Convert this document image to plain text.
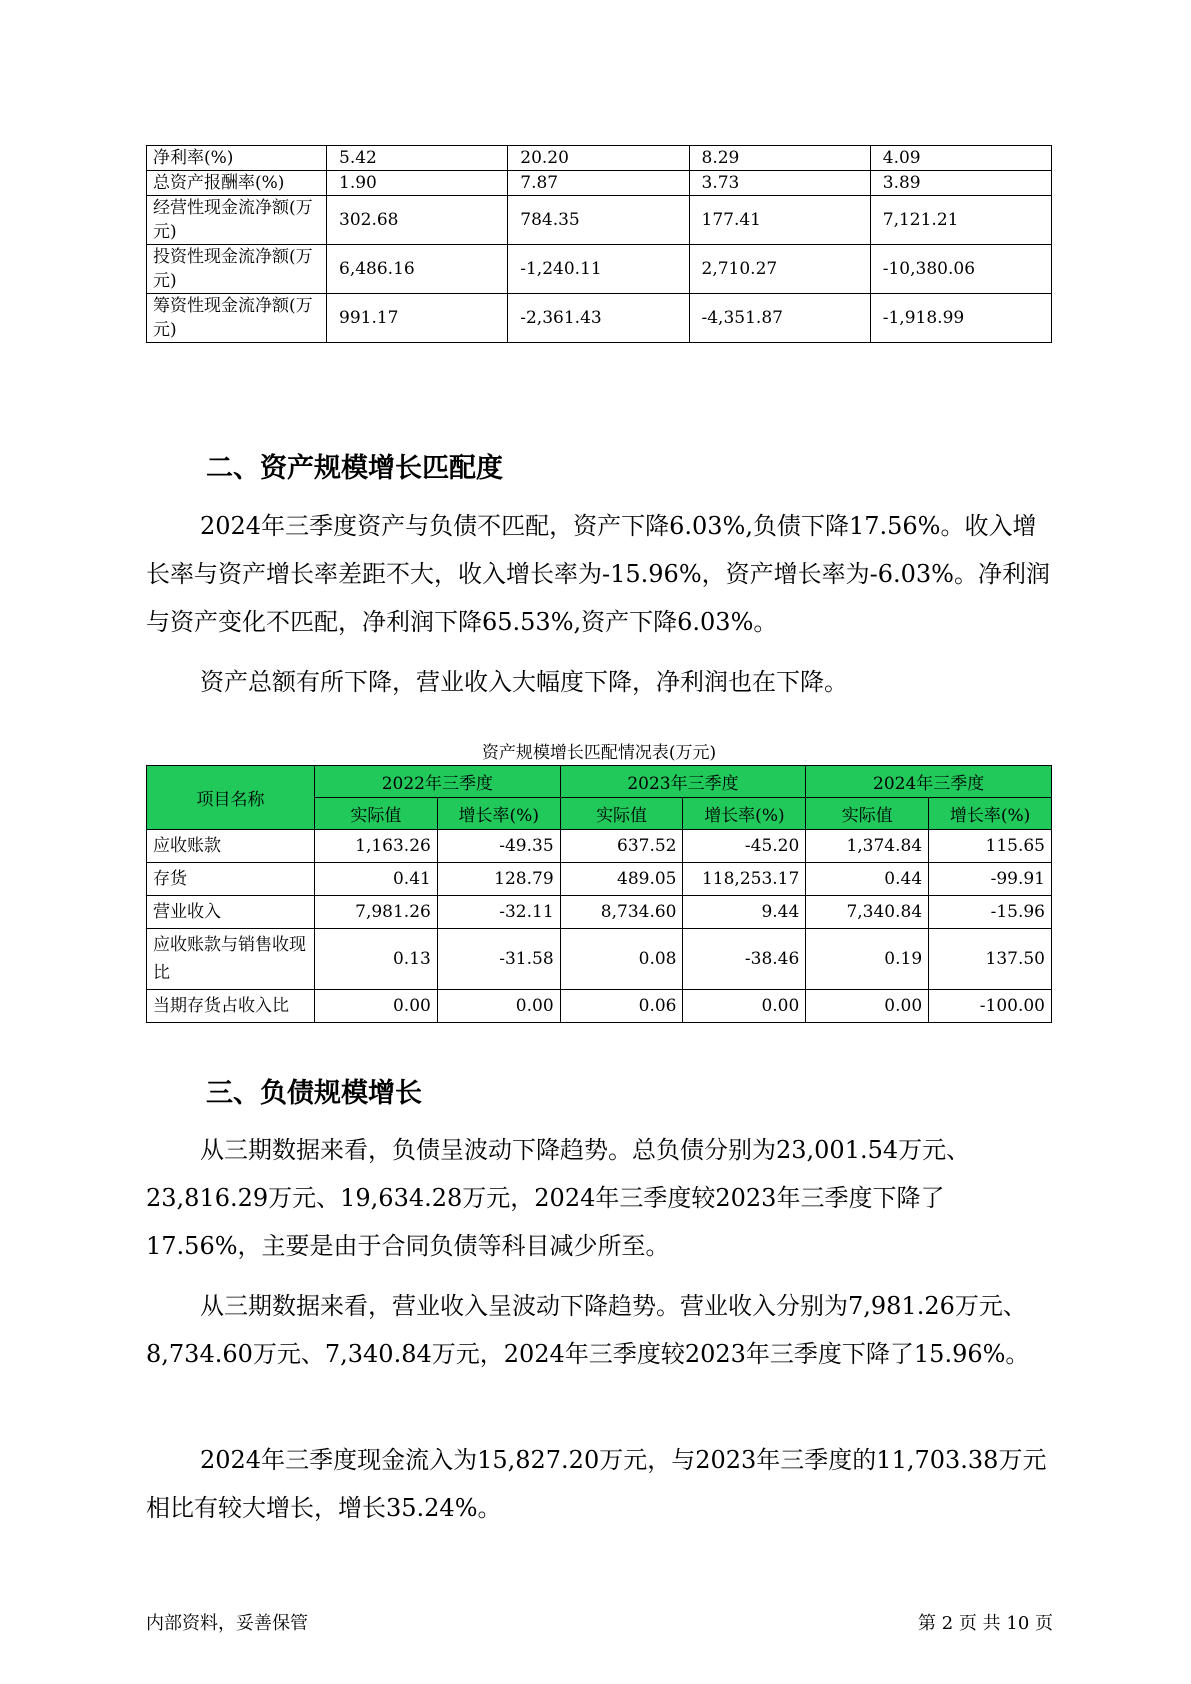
净利率(%)	5.42	20.20	8.29	4.09
总资产报酬率(%)	1.90	7.87	3.73	3.89
经营性现金流净额(万元)	302.68	784.35	177.41	7,121.21
投资性现金流净额(万元)	6,486.16	-1,240.11	2,710.27	-10,380.06
筹资性现金流净额(万元)	991.17	-2,361.43	-4,351.87	-1,918.99
二、资产规模增长匹配度

2024年三季度资产与负债不匹配，资产下降6.03%,负债下降17.56%。收入增长率与资产增长率差距不大，收入增长率为-15.96%，资产增长率为-6.03%。净利润与资产变化不匹配，净利润下降65.53%,资产下降6.03%。

资产总额有所下降，营业收入大幅度下降，净利润也在下降。

资产规模增长匹配情况表(万元)

项目名称	2022年三季度		2023年三季度		2024年三季度	
	实际值	增长率(%)	实际值	增长率(%)	实际值	增长率(%)
应收账款	1,163.26	-49.35	637.52	-45.20	1,374.84	115.65
存货	0.41	128.79	489.05	118,253.17	0.44	-99.91
营业收入	7,981.26	-32.11	8,734.60	9.44	7,340.84	-15.96
应收账款与销售收现比	0.13	-31.58	0.08	-38.46	0.19	137.50
当期存货占收入比	0.00	0.00	0.06	0.00	0.00	-100.00
三、负债规模增长

从三期数据来看，负债呈波动下降趋势。总负债分别为23,001.54万元、23,816.29万元、19,634.28万元，2024年三季度较2023年三季度下降了17.56%，主要是由于合同负债等科目减少所至。

从三期数据来看，营业收入呈波动下降趋势。营业收入分别为7,981.26万元、8,734.60万元、7,340.84万元，2024年三季度较2023年三季度下降了15.96%。

2024年三季度现金流入为15,827.20万元，与2023年三季度的11,703.38万元相比有较大增长，增长35.24%。

内部资料，妥善保管	第 2 页 共 10 页
